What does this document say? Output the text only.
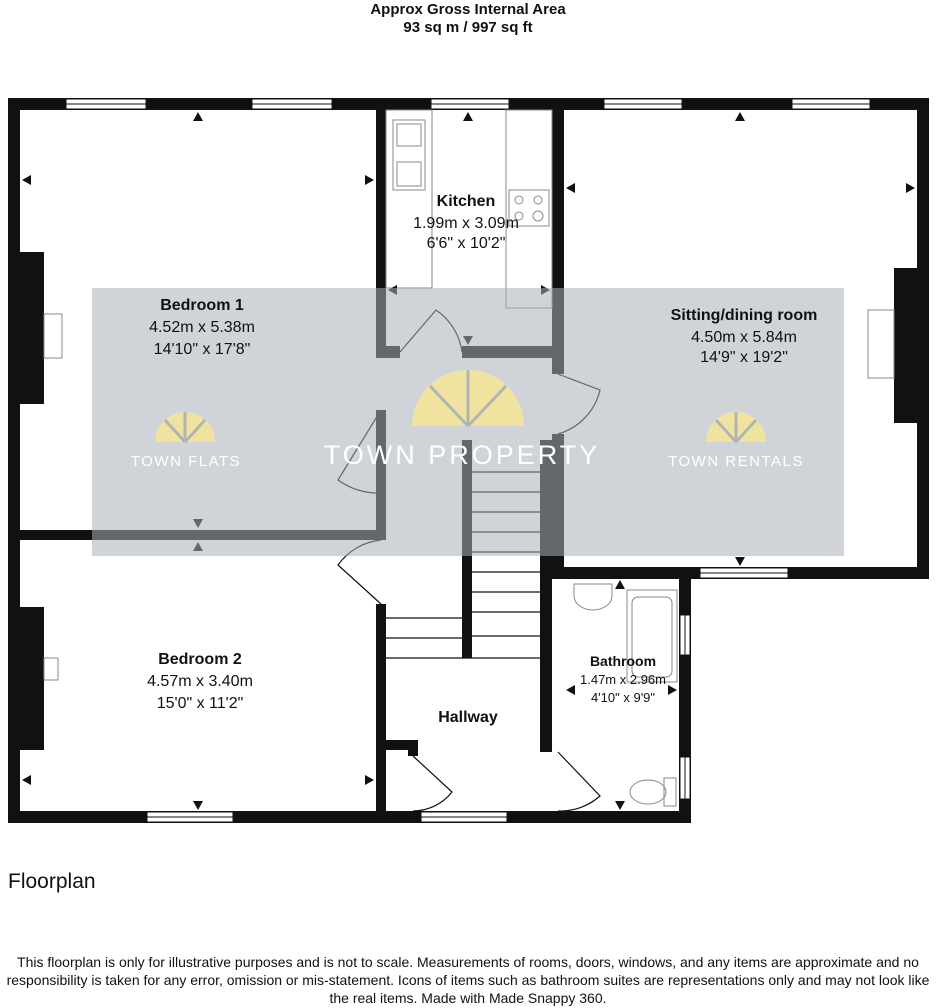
Approx Gross Internal Area
93 sq m / 997 sq ft
TOWN FLATS	TOWN PROPERTY	TOWN RENTALS
Bedroom 1
4.52m x 5.38m
14'10" x 17'8"
Kitchen
1.99m x 3.09m
6'6" x 10'2"
Sitting/dining room
4.50m x 5.84m
14'9" x 19'2"
Bedroom 2
4.57m x 3.40m
15'0" x 11'2"
Bathroom
1.47m x 2.96m
4'10" x 9'9"
Hallway
Floorplan
This floorplan is only for illustrative purposes and is not to scale. Measurements of rooms, doors, windows, and any items are approximate and no responsibility is taken for any error, omission or mis-statement. Icons of items such as bathroom suites are representations only and may not look like the real items. Made with Made Snappy 360.
